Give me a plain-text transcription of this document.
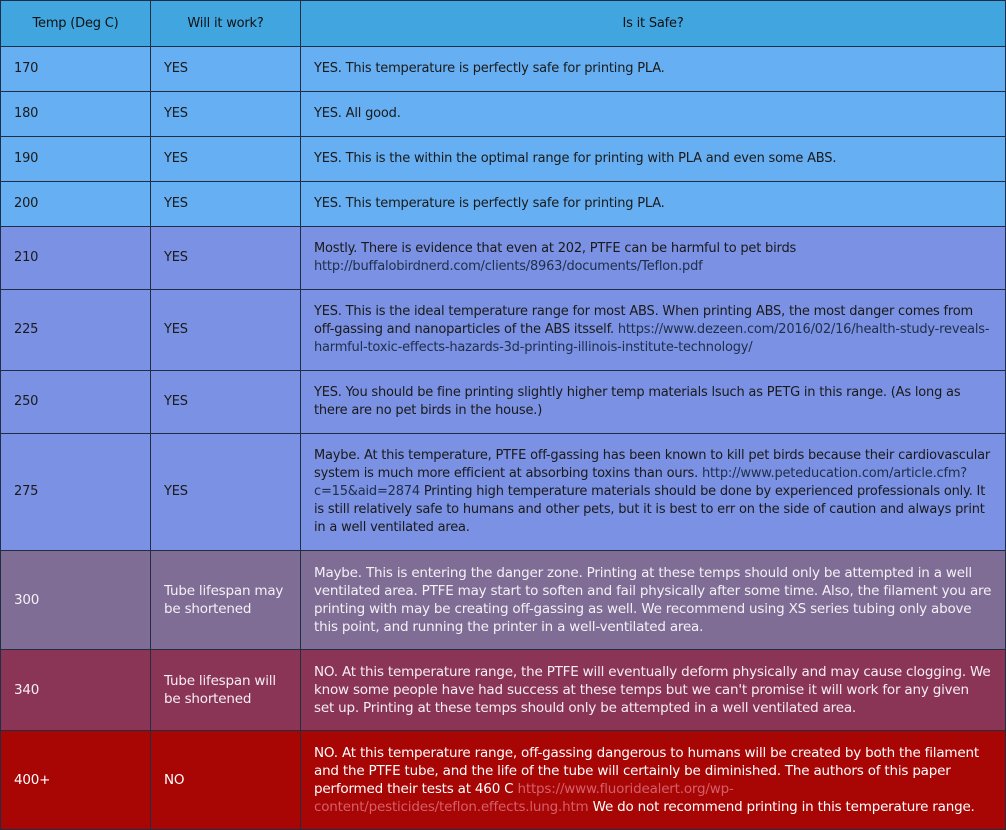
Temp (Deg C)	Will it work?	Is it Safe?
170	YES	YES. This temperature is perfectly safe for printing PLA.
180	YES	YES. All good.
190	YES	YES. This is the within the optimal range for printing with PLA and even some ABS.
200	YES	YES. This temperature is perfectly safe for printing PLA.
210	YES	Mostly. There is evidence that even at 202, PTFE can be harmful to pet birds http://buffalobirdnerd.com/clients/8963/documents/Teflon.pdf
225	YES	YES. This is the ideal temperature range for most ABS. When printing ABS, the most danger comes from off-gassing and nanoparticles of the ABS itsself. https://www.dezeen.com/2016/02/16/health-study-reveals-harmful-toxic-effects-hazards-3d-printing-illinois-institute-technology/
250	YES	YES. You should be fine printing slightly higher temp materials lsuch as PETG in this range. (As long as there are no pet birds in the house.)
275	YES	Maybe. At this temperature, PTFE off-gassing has been known to kill pet birds because their cardiovascular system is much more efficient at absorbing toxins than ours. http://www.peteducation.com/article.cfm?c=15&aid=2874 Printing high temperature materials should be done by experienced professionals only. It is still relatively safe to humans and other pets, but it is best to err on the side of caution and always print in a well ventilated area.
300	Tube lifespan may be shortened	Maybe. This is entering the danger zone. Printing at these temps should only be attempted in a well ventilated area. PTFE may start to soften and fail physically after some time. Also, the filament you are printing with may be creating off-gassing as well. We recommend using XS series tubing only above this point, and running the printer in a well-ventilated area.
340	Tube lifespan will be shortened	NO. At this temperature range, the PTFE will eventually deform physically and may cause clogging. We know some people have had success at these temps but we can't promise it will work for any given set up. Printing at these temps should only be attempted in a well ventilated area.
400+	NO	NO. At this temperature range, off-gassing dangerous to humans will be created by both the filament and the PTFE tube, and the life of the tube will certainly be diminished. The authors of this paper performed their tests at 460 C https://www.fluoridealert.org/wp-content/pesticides/teflon.effects.lung.htm We do not recommend printing in this temperature range.
